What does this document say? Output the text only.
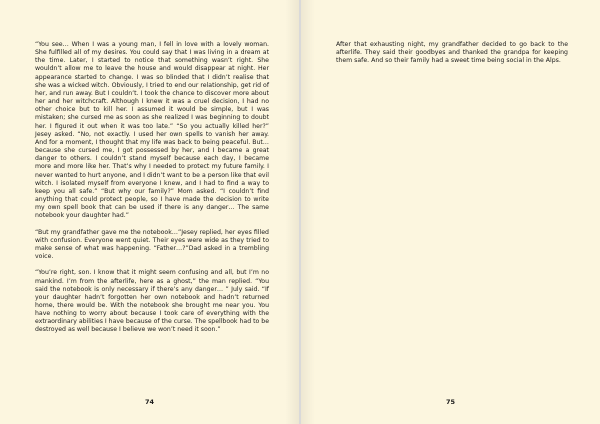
“You see… When I was a young man, I fell in love with a lovely woman. She fulfilled all of my desires. You could say that I was living in a dream at the time. Later, I started to notice that something wasn’t right. She wouldn’t allow me to leave the house and would disappear at night. Her appearance started to change. I was so blinded that I didn’t realise that she was a wicked witch. Obviously, I tried to end our relationship, get rid of her, and run away. But I couldn’t. I took the chance to discover more about her and her witchcraft. Although I knew it was a cruel decision, I had no other choice but to kill her. I assumed it would be simple, but I was mistaken; she cursed me as soon as she realized I was beginning to doubt her. I figured it out when it was too late.” “So you actually killed her?” Jesey asked. “No, not exactly. I used her own spells to vanish her away. And for a moment, I thought that my life was back to being peaceful. But… because she cursed me, I got possessed by her, and I became a great danger to others. I couldn’t stand myself because each day, I became more and more like her. That’s why I needed to protect my future family. I never wanted to hurt anyone, and I didn’t want to be a person like that evil witch. I isolated myself from everyone I knew, and I had to find a way to keep you all safe.” “But why our family?” Mom asked. “I couldn’t find anything that could protect people, so I have made the decision to write my own spell book that can be used if there is any danger… The same notebook your daughter had.”

“But my grandfather gave me the notebook…”Jesey replied, her eyes filled with confusion. Everyone went quiet. Their eyes were wide as they tried to make sense of what was happening. “Father…?”Dad asked in a trembling voice.

“You’re right, son. I know that it might seem confusing and all, but I’m no mankind. I’m from the afterlife, here as a ghost,” the man replied. “You said the notebook is only necessary if there’s any danger… ” July said. “If your daughter hadn’t forgotten her own notebook and hadn’t returned home, there would be. With the notebook she brought me near you. You have nothing to worry about because I took care of everything with the extraordinary abilities I have because of the curse. The spellbook had to be destroyed as well because I believe we won’t need it soon.”

74

After that exhausting night, my grandfather decided to go back to the afterlife. They said their goodbyes and thanked the grandpa for keeping them safe. And so their family had a sweet time being social in the Alps.

75
